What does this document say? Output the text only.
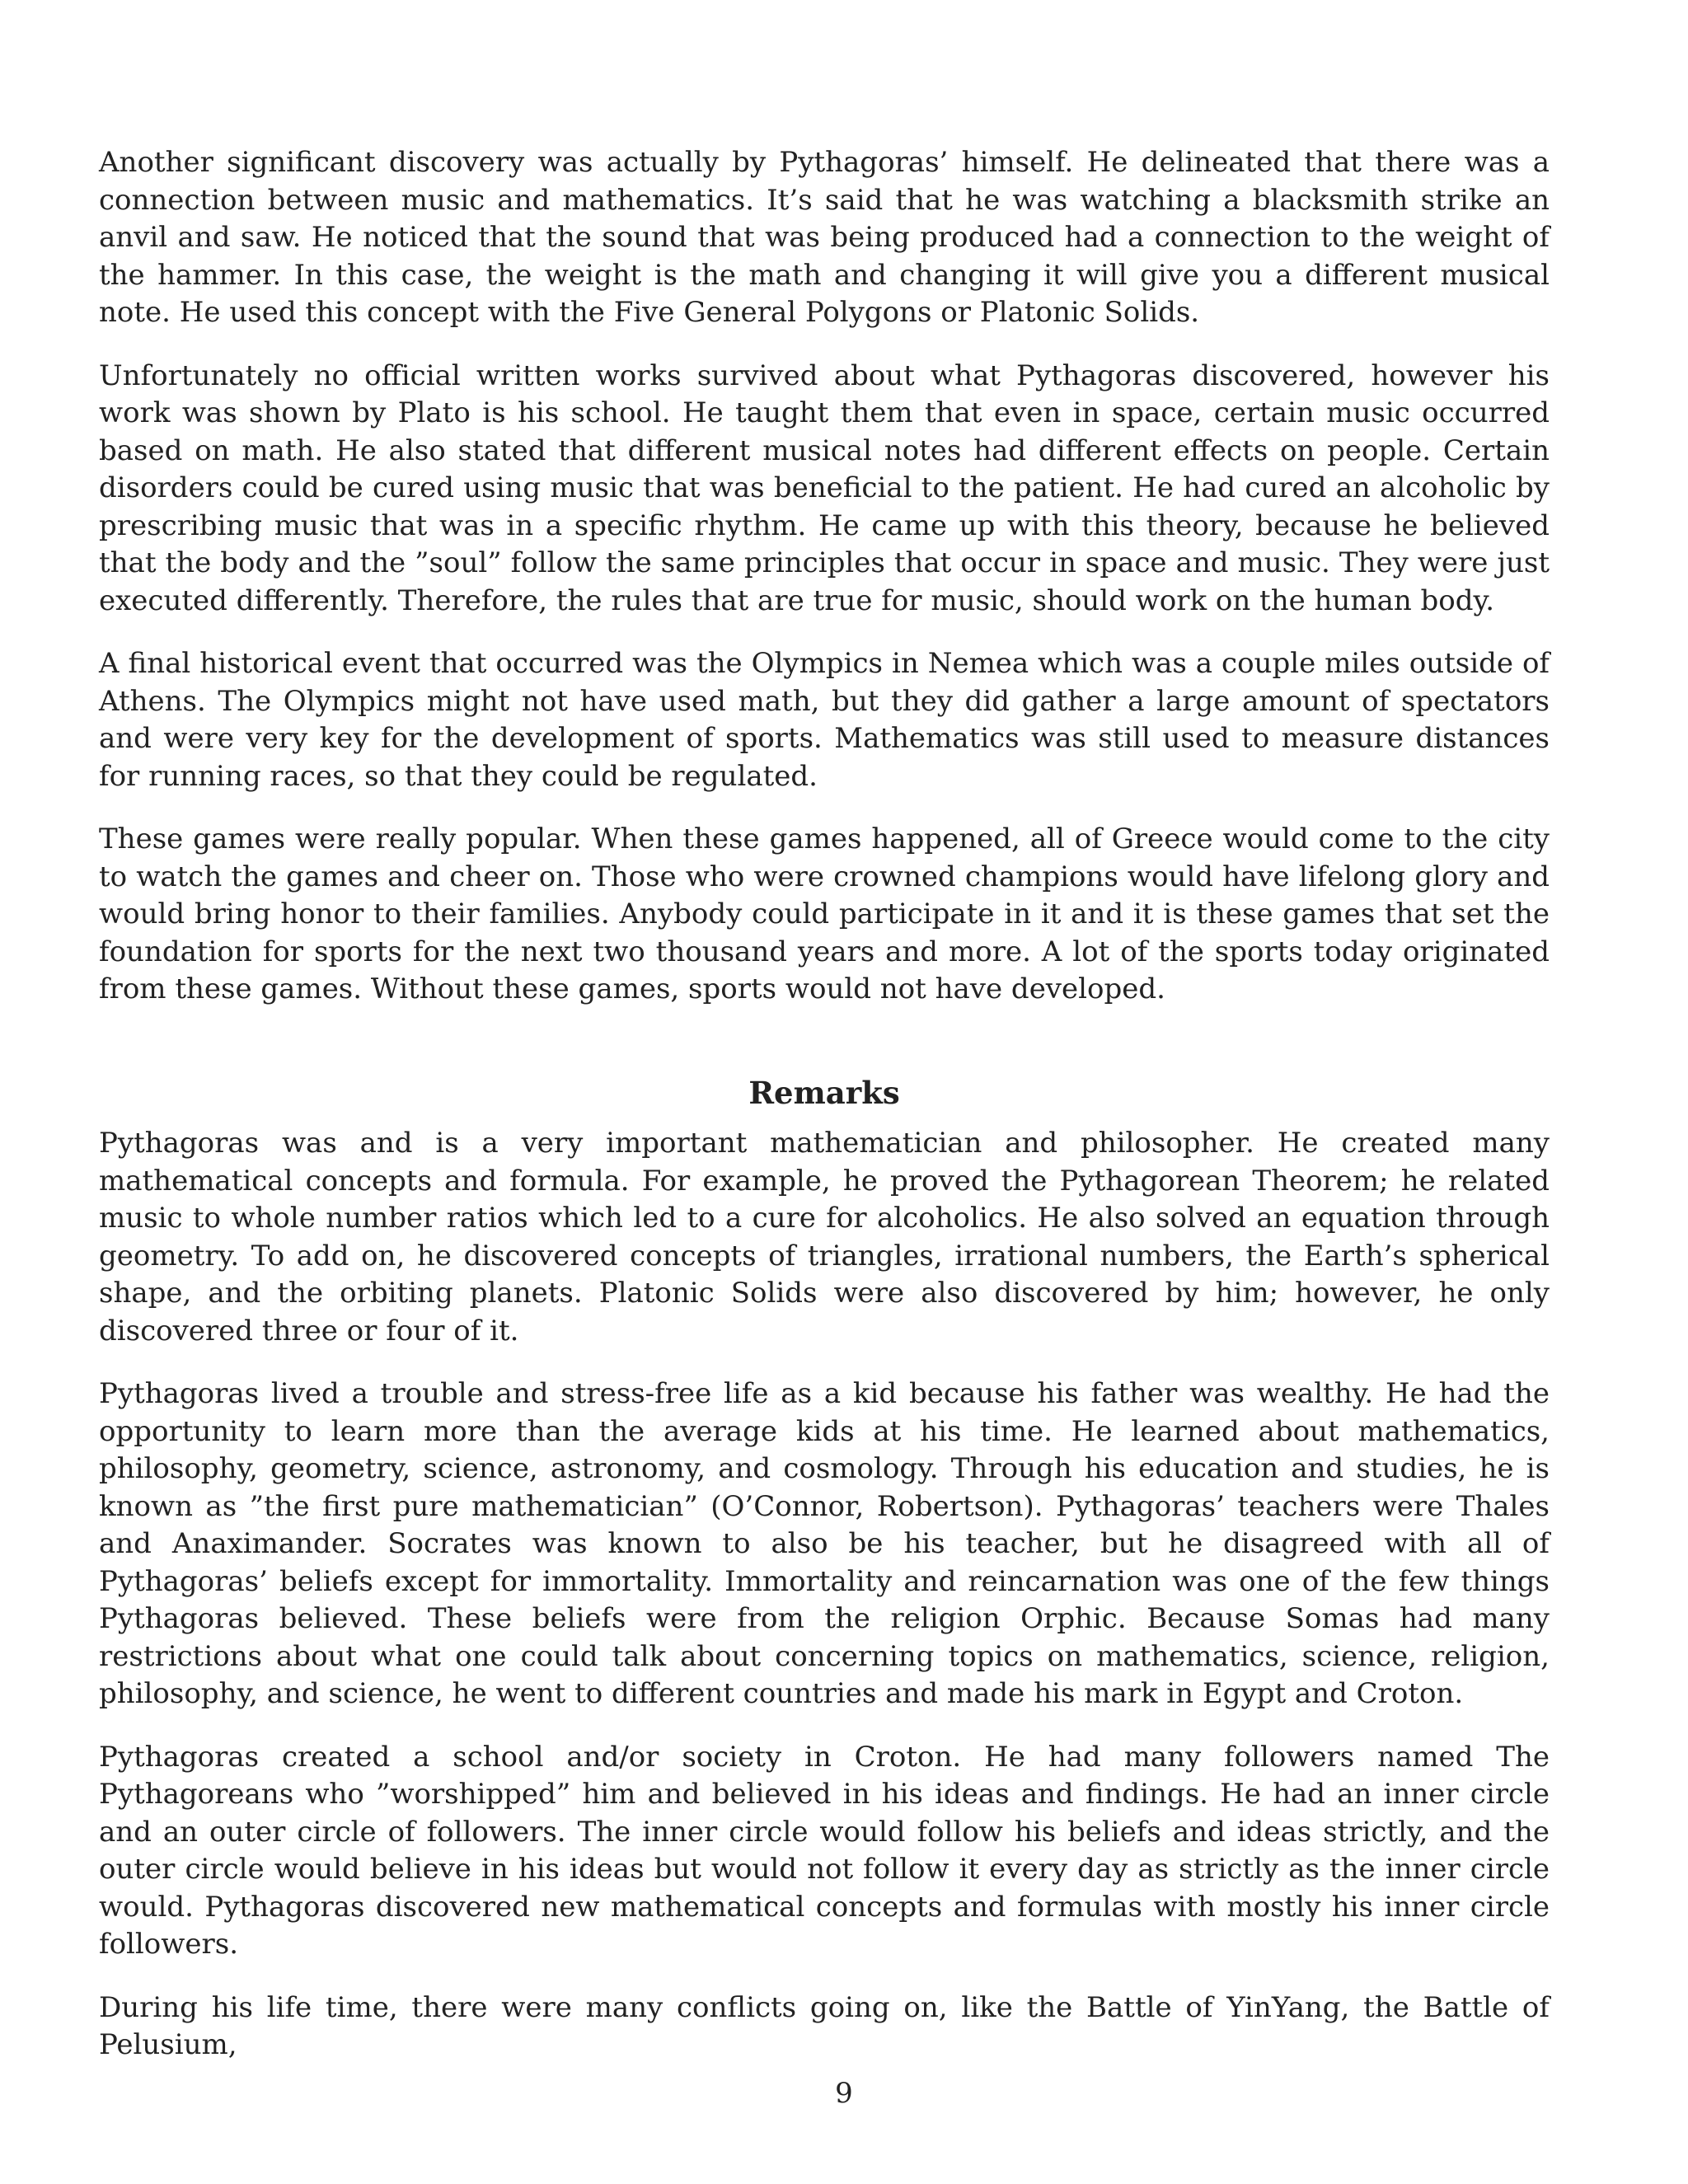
Another significant discovery was actually by Pythagoras’ himself. He delineated that there was a connection between music and mathematics. It’s said that he was watching a blacksmith strike an anvil and saw. He noticed that the sound that was being produced had a connection to the weight of the hammer. In this case, the weight is the math and changing it will give you a different musical note. He used this concept with the Five General Polygons or Platonic Solids.

Unfortunately no official written works survived about what Pythagoras discovered, however his work was shown by Plato is his school. He taught them that even in space, certain music occurred based on math. He also stated that different musical notes had different effects on people. Certain disorders could be cured using music that was beneficial to the patient. He had cured an alcoholic by prescribing music that was in a specific rhythm. He came up with this theory, because he believed that the body and the ”soul” follow the same principles that occur in space and music. They were just executed differently. Therefore, the rules that are true for music, should work on the human body.

A final historical event that occurred was the Olympics in Nemea which was a couple miles outside of Athens. The Olympics might not have used math, but they did gather a large amount of spectators and were very key for the development of sports. Mathematics was still used to measure distances for running races, so that they could be regulated.

These games were really popular. When these games happened, all of Greece would come to the city to watch the games and cheer on. Those who were crowned champions would have lifelong glory and would bring honor to their families. Anybody could participate in it and it is these games that set the foundation for sports for the next two thousand years and more. A lot of the sports today originated from these games. Without these games, sports would not have developed.

Remarks

Pythagoras was and is a very important mathematician and philosopher. He created many mathematical concepts and formula. For example, he proved the Pythagorean Theorem; he related music to whole number ratios which led to a cure for alcoholics. He also solved an equation through geometry. To add on, he discovered concepts of triangles, irrational numbers, the Earth’s spherical shape, and the orbiting planets. Platonic Solids were also discovered by him; however, he only discovered three or four of it.

Pythagoras lived a trouble and stress-free life as a kid because his father was wealthy. He had the opportunity to learn more than the average kids at his time. He learned about mathematics, philosophy, geometry, science, astronomy, and cosmology. Through his education and studies, he is known as ”the first pure mathematician” (O’Connor, Robertson). Pythagoras’ teachers were Thales and Anaximander. Socrates was known to also be his teacher, but he disagreed with all of Pythagoras’ beliefs except for immortality. Immortality and reincarnation was one of the few things Pythagoras believed. These beliefs were from the religion Orphic. Because Somas had many restrictions about what one could talk about concerning topics on mathematics, science, religion, philosophy, and science, he went to different countries and made his mark in Egypt and Croton.

Pythagoras created a school and/or society in Croton. He had many followers named The Pythagoreans who ”worshipped” him and believed in his ideas and findings. He had an inner circle and an outer circle of followers. The inner circle would follow his beliefs and ideas strictly, and the outer circle would believe in his ideas but would not follow it every day as strictly as the inner circle would. Pythagoras discovered new mathematical concepts and formulas with mostly his inner circle followers.

During his life time, there were many conflicts going on, like the Battle of YinYang, the Battle of Pelusium,

9
